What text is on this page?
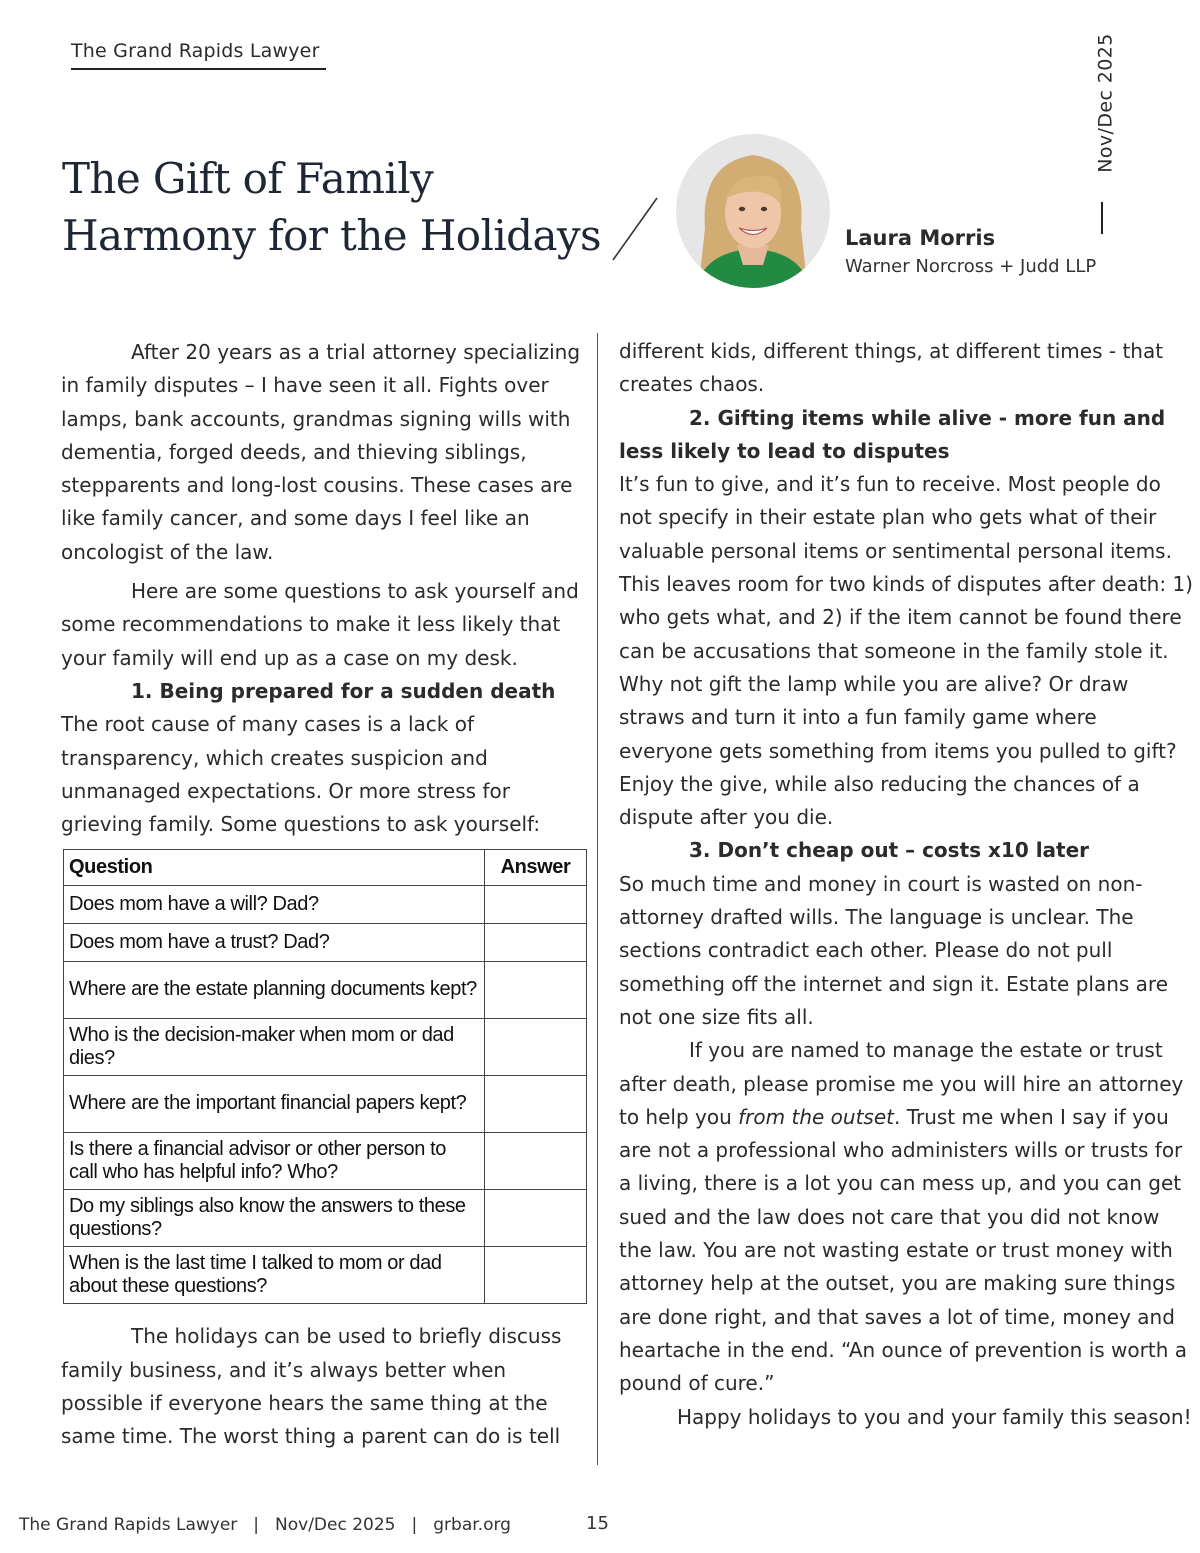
The Grand Rapids Lawyer	Nov/Dec 2025
The Gift of Family
Harmony for the Holidays	Laura Morris
Warner Norcross + Judd LLP

After 20 years as a trial attorney specializing in family disputes – I have seen it all. Fights over lamps, bank accounts, grandmas signing wills with dementia, forged deeds, and thieving siblings, stepparents and long-lost cousins. These cases are like family cancer, and some days I feel like an oncologist of the law.

Here are some questions to ask yourself and some recommendations to make it less likely that your family will end up as a case on my desk.

1. Being prepared for a sudden death

The root cause of many cases is a lack of transparency, which creates suspicion and unmanaged expectations. Or more stress for grieving family. Some questions to ask yourself:

Question	Answer
Does mom have a will? Dad?	
Does mom have a trust? Dad?	
Where are the estate planning documents kept?	
Who is the decision-maker when mom or dad dies?	
Where are the important financial papers kept?	
Is there a financial advisor or other person to call who has helpful info? Who?	
Do my siblings also know the answers to these questions?	
When is the last time I talked to mom or dad about these questions?	

The holidays can be used to briefly discuss family business, and it’s always better when possible if everyone hears the same thing at the same time. The worst thing a parent can do is tell

different kids, different things, at different times - that creates chaos.

2. Gifting items while alive - more fun and less likely to lead to disputes

It’s fun to give, and it’s fun to receive. Most people do not specify in their estate plan who gets what of their valuable personal items or sentimental personal items. This leaves room for two kinds of disputes after death: 1) who gets what, and 2) if the item cannot be found there can be accusations that someone in the family stole it. Why not gift the lamp while you are alive? Or draw straws and turn it into a fun family game where everyone gets something from items you pulled to gift? Enjoy the give, while also reducing the chances of a dispute after you die.

3. Don’t cheap out – costs x10 later

So much time and money in court is wasted on non-attorney drafted wills. The language is unclear. The sections contradict each other. Please do not pull something off the internet and sign it. Estate plans are not one size fits all.

If you are named to manage the estate or trust after death, please promise me you will hire an attorney to help you from the outset. Trust me when I say if you are not a professional who administers wills or trusts for a living, there is a lot you can mess up, and you can get sued and the law does not care that you did not know the law. You are not wasting estate or trust money with attorney help at the outset, you are making sure things are done right, and that saves a lot of time, money and heartache in the end. “An ounce of prevention is worth a pound of cure.”

Happy holidays to you and your family this season!

The Grand Rapids Lawyer | Nov/Dec 2025 | grbar.org	15
